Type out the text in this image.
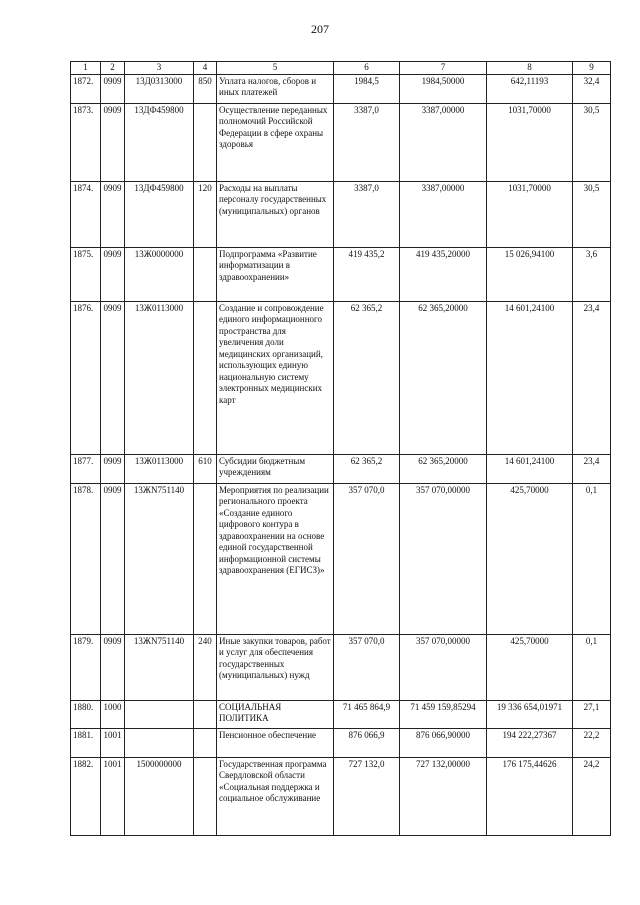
207
1	2	3	4	5	6	7	8	9
1872.	0909	13Д0313000	850	Уплата налогов, сборов и иных платежей	1984,5	1984,50000	642,11193	32,4
1873.	0909	13ДФ459800		Осуществление переданных полномочий Российской Федерации в сфере охраны здоровья	3387,0	3387,00000	1031,70000	30,5
1874.	0909	13ДФ459800	120	Расходы на выплаты персоналу государственных (муниципальных) органов	3387,0	3387,00000	1031,70000	30,5
1875.	0909	13Ж0000000		Подпрограмма «Развитие информатизации в здравоохранении»	419 435,2	419 435,20000	15 026,94100	3,6
1876.	0909	13Ж0113000		Создание и сопровождение единого информационного пространства для увеличения доли медицинских организаций, использующих единую национальную систему электронных медицинских карт	62 365,2	62 365,20000	14 601,24100	23,4
1877.	0909	13Ж0113000	610	Субсидии бюджетным учреждениям	62 365,2	62 365,20000	14 601,24100	23,4
1878.	0909	13ЖN751140		Мероприятия по реализации регионального проекта «Создание единого цифрового контура в здравоохранении на основе единой государственной информационной системы здравоохранения (ЕГИСЗ)»	357 070,0	357 070,00000	425,70000	0,1
1879.	0909	13ЖN751140	240	Иные закупки товаров, работ и услуг для обеспечения государственных (муниципальных) нужд	357 070,0	357 070,00000	425,70000	0,1
1880.	1000			СОЦИАЛЬНАЯ ПОЛИТИКА	71 465 864,9	71 459 159,85294	19 336 654,01971	27,1
1881.	1001			Пенсионное обеспечение	876 066,9	876 066,90000	194 222,27367	22,2
1882.	1001	1500000000		Государственная программа Свердловской области «Социальная поддержка и социальное обслуживание	727 132,0	727 132,00000	176 175,44626	24,2
